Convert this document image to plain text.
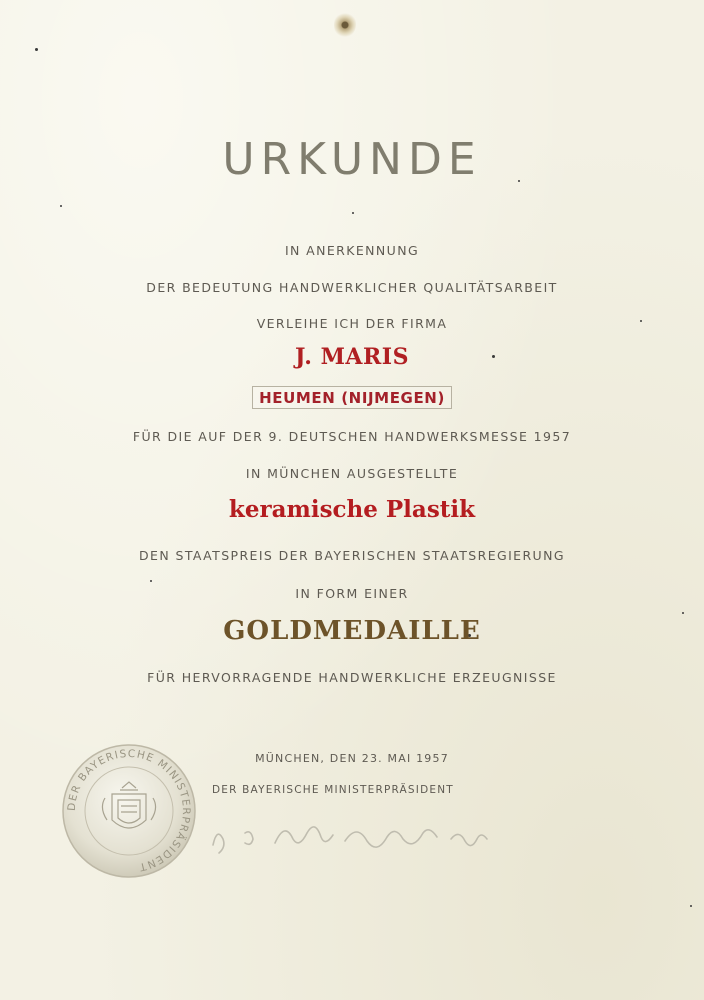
URKUNDE
IN ANERKENNUNG
DER BEDEUTUNG HANDWERKLICHER QUALITÄTSARBEIT
VERLEIHE ICH DER FIRMA
J. MARIS
HEUMEN (NIJMEGEN)
FÜR DIE AUF DER 9. DEUTSCHEN HANDWERKSMESSE 1957
IN MÜNCHEN AUSGESTELLTE
keramische Plastik
DEN STAATSPREIS DER BAYERISCHEN STAATSREGIERUNG
IN FORM EINER
GOLDMEDAILLE
FÜR HERVORRAGENDE HANDWERKLICHE ERZEUGNISSE
MÜNCHEN, DEN 23. MAI 1957
DER BAYERISCHE MINISTERPRÄSIDENT
DER BAYERISCHE MINISTERPRÄSIDENT
